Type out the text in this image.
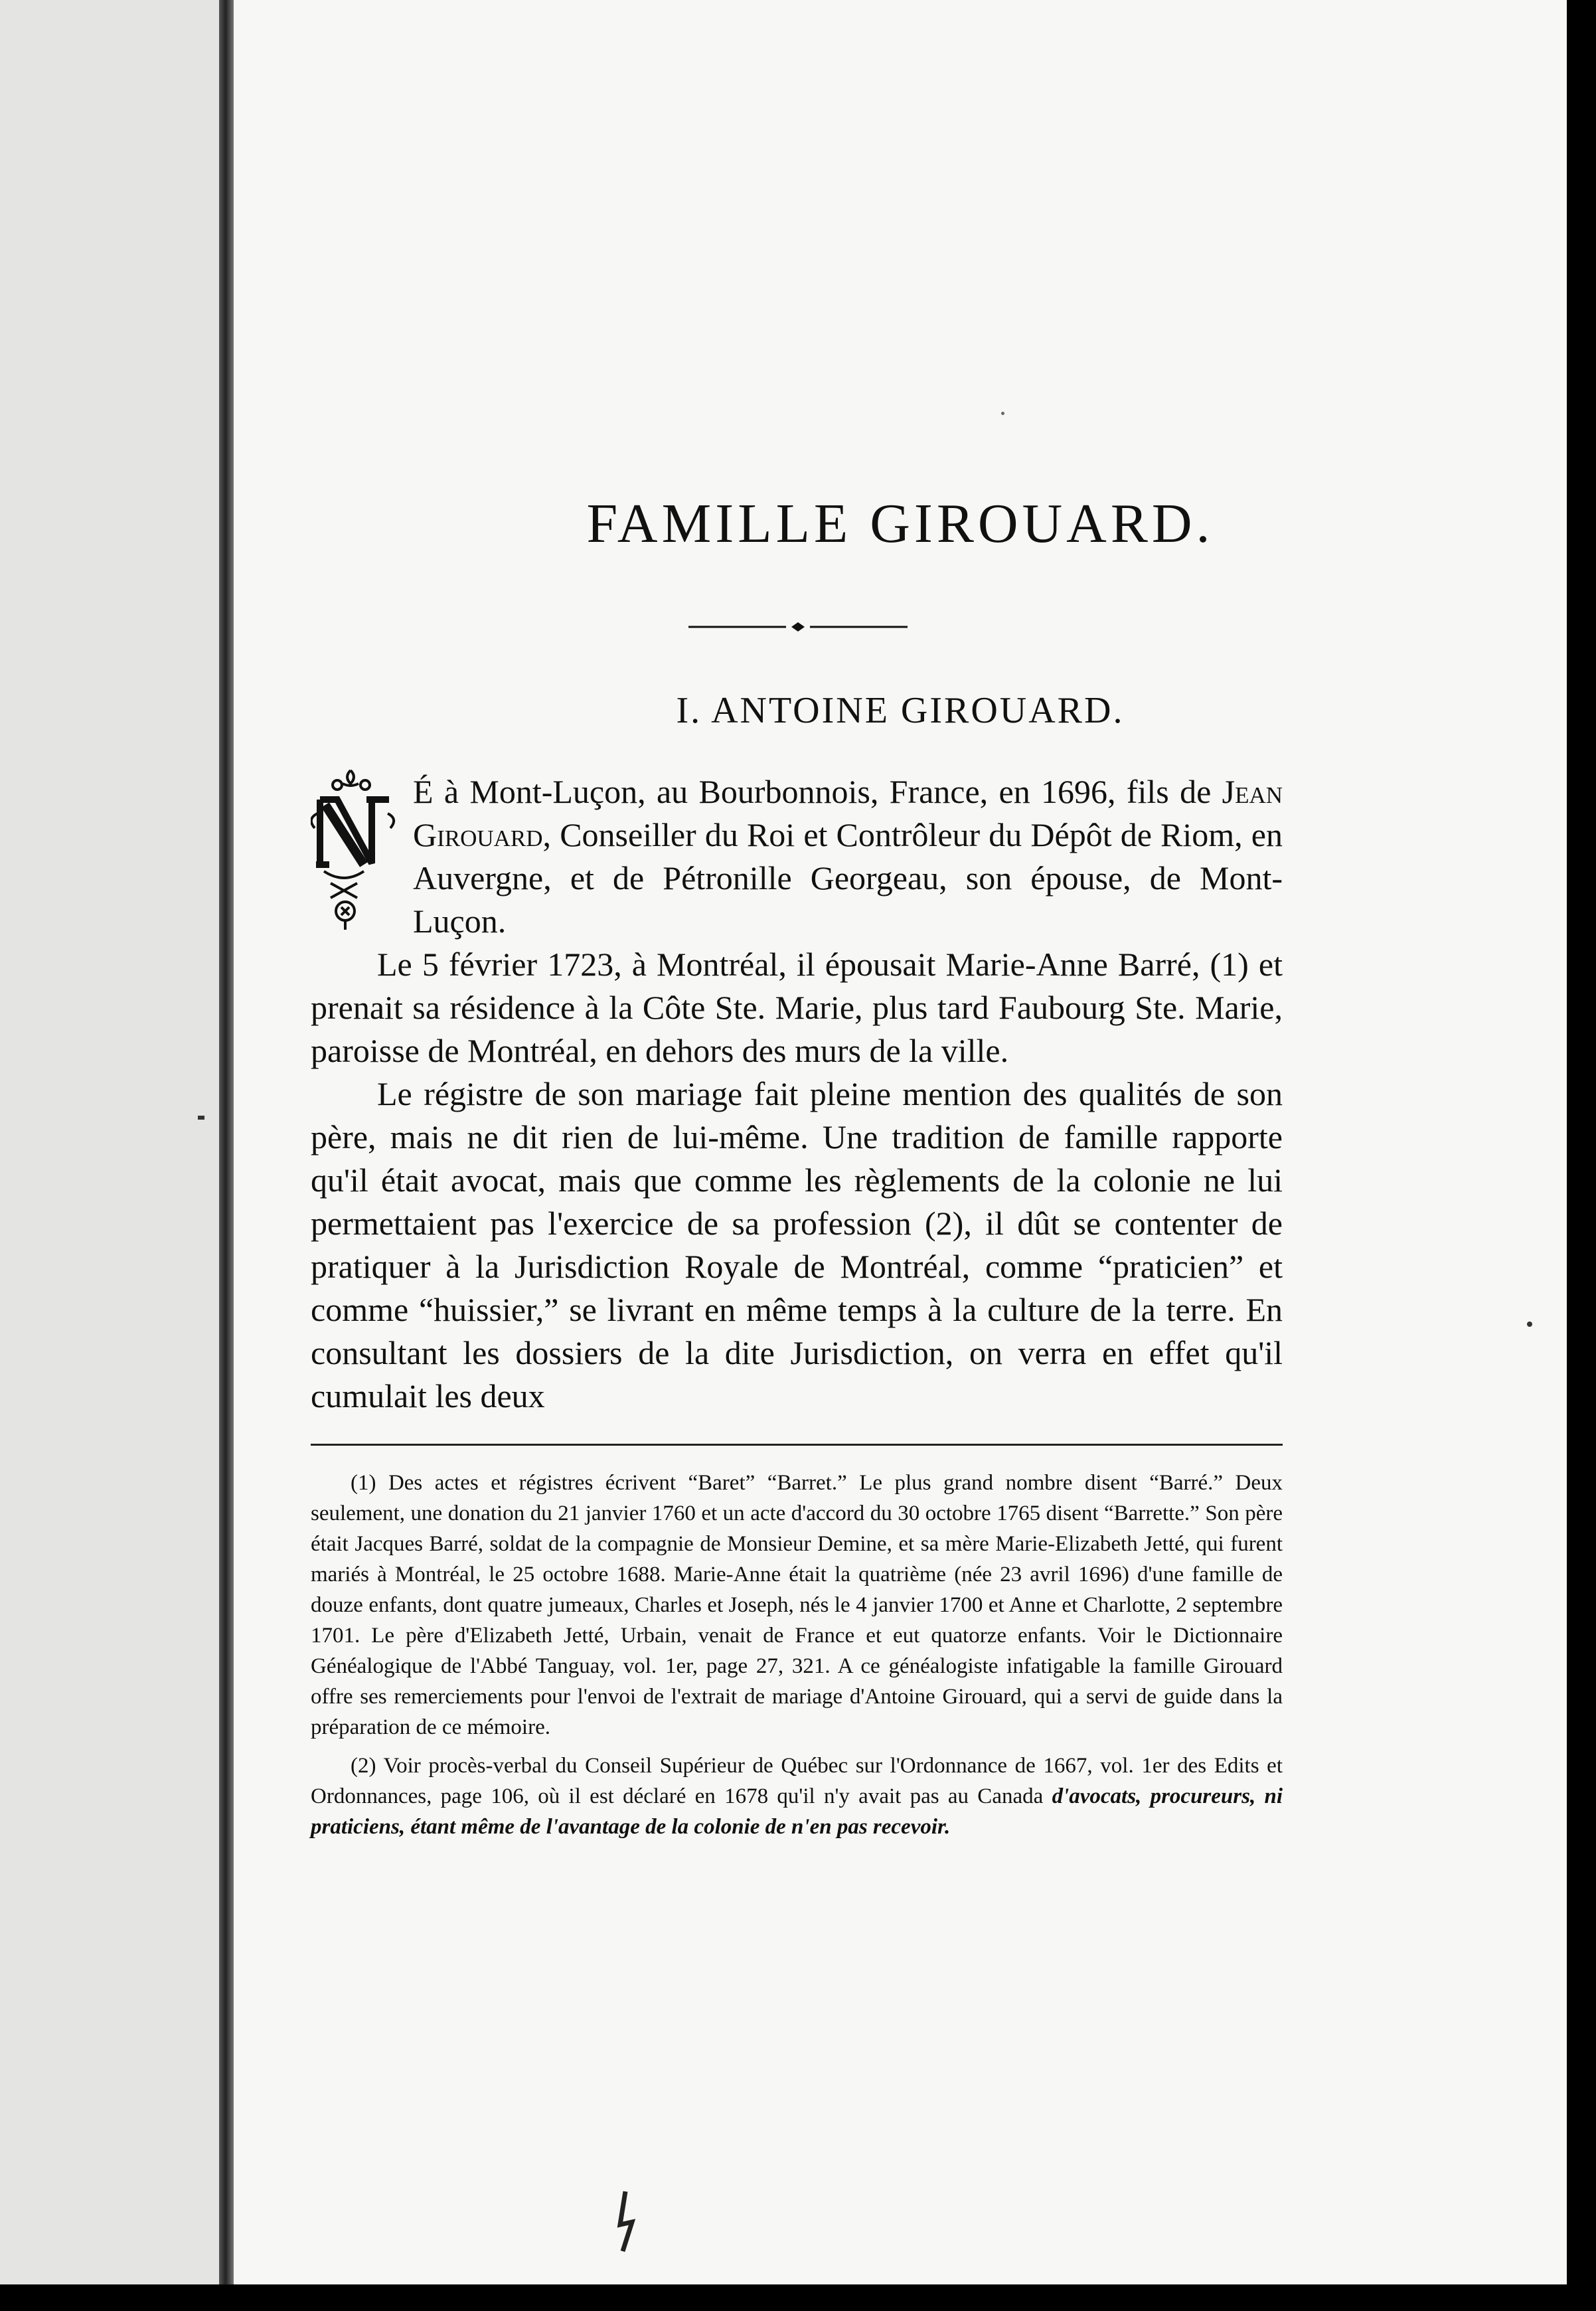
FAMILLE GIROUARD.
I. ANTOINE GIROUARD.

É à Mont-Luçon, au Bourbonnois, France, en 1696, fils de Jean Girouard, Conseiller du Roi et Contrôleur du Dépôt de Riom, en Auvergne, et de Pétronille Georgeau, son épouse, de Mont-Luçon.

Le 5 février 1723, à Montréal, il épousait Marie-Anne Barré, (1) et prenait sa résidence à la Côte Ste. Marie, plus tard Faubourg Ste. Marie, paroisse de Montréal, en dehors des murs de la ville.

Le régistre de son mariage fait pleine mention des qualités de son père, mais ne dit rien de lui-même. Une tradition de famille rapporte qu'il était avocat, mais que comme les règlements de la colonie ne lui permettaient pas l'exercice de sa profession (2), il dût se contenter de pratiquer à la Jurisdiction Royale de Montréal, comme “praticien” et comme “huissier,” se livrant en même temps à la culture de la terre. En consultant les dossiers de la dite Jurisdiction, on verra en effet qu'il cumulait les deux

(1) Des actes et régistres écrivent “Baret” “Barret.” Le plus grand nombre disent “Barré.” Deux seulement, une donation du 21 janvier 1760 et un acte d'accord du 30 octobre 1765 disent “Barrette.” Son père était Jacques Barré, soldat de la compagnie de Monsieur Demine, et sa mère Marie-Elizabeth Jetté, qui furent mariés à Montréal, le 25 octobre 1688. Marie-Anne était la quatrième (née 23 avril 1696) d'une famille de douze enfants, dont quatre jumeaux, Charles et Joseph, nés le 4 janvier 1700 et Anne et Charlotte, 2 septembre 1701. Le père d'Elizabeth Jetté, Urbain, venait de France et eut quatorze enfants. Voir le Dictionnaire Généalogique de l'Abbé Tanguay, vol. 1er, page 27, 321. A ce généalogiste infatigable la famille Girouard offre ses remerciements pour l'envoi de l'extrait de mariage d'Antoine Girouard, qui a servi de guide dans la préparation de ce mémoire.

(2) Voir procès-verbal du Conseil Supérieur de Québec sur l'Ordonnance de 1667, vol. 1er des Edits et Ordonnances, page 106, où il est déclaré en 1678 qu'il n'y avait pas au Canada d'avocats, procureurs, ni praticiens, étant même de l'avantage de la colonie de n'en pas recevoir.
